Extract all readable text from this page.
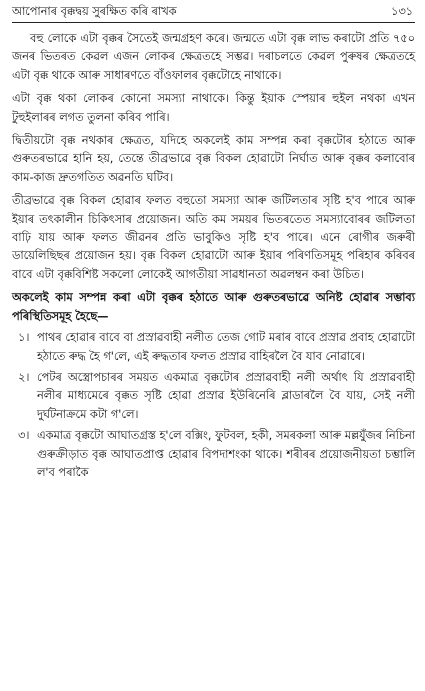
আপোনাৰ বৃক্কদ্বয় সুৰক্ষিত কৰি ৰাখক	১৩১

বহু লোকে এটা বৃক্কৰ সৈতেই জন্মগ্ৰহণ কৰে। জন্মতে এটা বৃক্ক লাভ কৰাটো প্ৰতি ৭৫০ জনৰ ভিতৰত কেৱল এজন লোকৰ ক্ষেত্ৰতহে সম্ভৱ। দৰাচলতে কেৱল পুৰুষৰ ক্ষেত্ৰতহে এটা বৃক্ক থাকে আৰু সাধাৰণতে বাঁওফালৰ বৃক্কটোহে নাথাকে।

এটা বৃক্ক থকা লোকৰ কোনো সমস্যা নাথাকে। কিন্তু ইয়াক স্পেয়াৰ হুইল নথকা এখন টুহুইলাৰৰ লগত তুলনা কৰিব পাৰি।

দ্বিতীয়টো বৃক্ক নথকাৰ ক্ষেত্ৰত, যদিহে অকলেই কাম সম্পন্ন কৰা বৃক্কটোৰ হঠাতে আৰু গুৰুতৰভাৱে হানি হয়, তেন্তে তীব্ৰভাৱে বৃক্ক বিকল হোৱাটো নিৰ্ঘাত আৰু বৃক্কৰ কলাবোৰ কাম-কাজ দ্ৰুতগতিত অৱনতি ঘটিব।

তীব্ৰভাৱে বৃক্ক বিকল হোৱাৰ ফলত বহুতো সমস্যা আৰু জটিলতাৰ সৃষ্টি হ'ব পাৰে আৰু ইয়াৰ তৎকালীন চিকিৎসাৰ প্ৰয়োজন। অতি কম সময়ৰ ভিতৰতেত সমস্যাবোৰৰ জটিলতা বাঢ়ি যায় আৰু ফলত জীৱনৰ প্ৰতি ভাবুকিও সৃষ্টি হ'ব পাৰে। এনে ৰোগীৰ জৰুৰী ডায়েলিছিছৰ প্ৰয়োজন হয়। বৃক্ক বিকল হোৱাটো আৰু ইয়াৰ পৰিণতিসমূহ পৰিহাৰ কৰিবৰ বাবে এটা বৃক্কবিশিষ্ট সকলো লোকেই আগতীয়া সাৱধানতা অৱলম্বন কৰা উচিত।

অকলেই কাম সম্পন্ন কৰা এটা বৃক্কৰ হঠাতে আৰু গুৰুতৰভাৱে অনিষ্ট হোৱাৰ সম্ভাব্য পৰিস্থিতিসমূহ হৈছে—
১। পাথৰ হোৱাৰ বাবে বা প্ৰস্ৰাৱবাহী নলীত তেজ গোট মৰাৰ বাবে প্ৰস্ৰাৱ প্ৰবাহ হোৱাটো হঠাতে ৰুদ্ধ হৈ গ'লে, এই ৰুদ্ধতাৰ ফলত প্ৰস্ৰাৱ বাহিৰলৈ বৈ যাব নোৱাৰে।
২। পেটৰ অস্ত্ৰোপচাৰৰ সময়ত একমাত্ৰ বৃক্কটোৰ প্ৰস্ৰাৱবাহী নলী অৰ্থাৎ যি প্ৰস্ৰাৱবাহী নলীৰ মাধ্যমেৰে বৃক্কত সৃষ্টি হোৱা প্ৰস্ৰাৱ ইউৰিনেৰি ব্লাডাৰলৈ বৈ যায়, সেই নলী দুৰ্ঘটনাক্ৰমে কটা গ'লে।
৩। একমাত্ৰ বৃক্কটো আঘাতগ্ৰস্ত হ'লে বক্সিং, ফুটবল, হকী, সমৰকলা আৰু মল্লযুঁজৰ নিচিনা গুৰুক্ৰীড়াত বৃক্ক আঘাতপ্ৰাপ্ত হোৱাৰ বিপদাশংকা থাকে। শৰীৰৰ প্ৰয়োজনীয়তা চম্ভালি ল'ব পৰাকৈ
